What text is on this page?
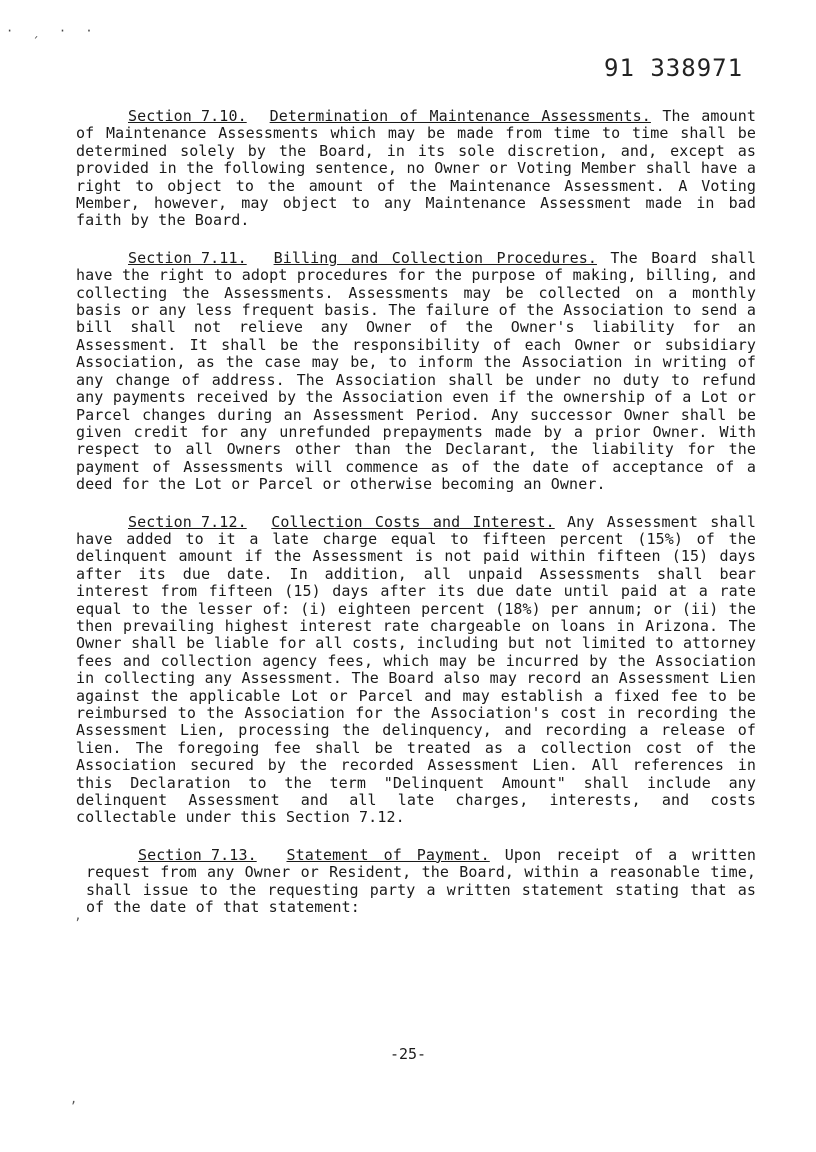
· ˏ · ·
91 338971

Section 7.10. Determination of Maintenance Assessments. The amount of Maintenance Assessments which may be made from time to time shall be determined solely by the Board, in its sole discretion, and, except as provided in the following sentence, no Owner or Voting Member shall have a right to object to the amount of the Maintenance Assessment. A Voting Member, however, may object to any Maintenance Assessment made in bad faith by the Board.

Section 7.11. Billing and Collection Procedures. The Board shall have the right to adopt procedures for the purpose of making, billing, and collecting the Assessments. Assessments may be collected on a monthly basis or any less frequent basis. The failure of the Association to send a bill shall not relieve any Owner of the Owner's liability for an Assessment. It shall be the responsibility of each Owner or subsidiary Association, as the case may be, to inform the Association in writing of any change of address. The Association shall be under no duty to refund any payments received by the Association even if the ownership of a Lot or Parcel changes during an Assessment Period. Any successor Owner shall be given credit for any unrefunded prepayments made by a prior Owner. With respect to all Owners other than the Declarant, the liability for the payment of Assessments will commence as of the date of acceptance of a deed for the Lot or Parcel or otherwise becoming an Owner.

Section 7.12. Collection Costs and Interest. Any Assessment shall have added to it a late charge equal to fifteen percent (15%) of the delinquent amount if the Assessment is not paid within fifteen (15) days after its due date. In addition, all unpaid Assessments shall bear interest from fifteen (15) days after its due date until paid at a rate equal to the lesser of: (i) eighteen percent (18%) per annum; or (ii) the then prevailing highest interest rate chargeable on loans in Arizona. The Owner shall be liable for all costs, including but not limited to attorney fees and collection agency fees, which may be incurred by the Association in collecting any Assessment. The Board also may record an Assessment Lien against the applicable Lot or Parcel and may establish a fixed fee to be reimbursed to the Association for the Association's cost in recording the Assessment Lien, processing the delinquency, and recording a release of lien. The foregoing fee shall be treated as a collection cost of the Association secured by the recorded Assessment Lien. All references in this Declaration to the term "Delinquent Amount" shall include any delinquent Assessment and all late charges, interests, and costs collectable under this Section 7.12.

Section 7.13. Statement of Payment. Upon receipt of a written request from any Owner or Resident, the Board, within a reasonable time, shall issue to the requesting party a written statement stating that as of the date of that statement:

’
‚
-25-
